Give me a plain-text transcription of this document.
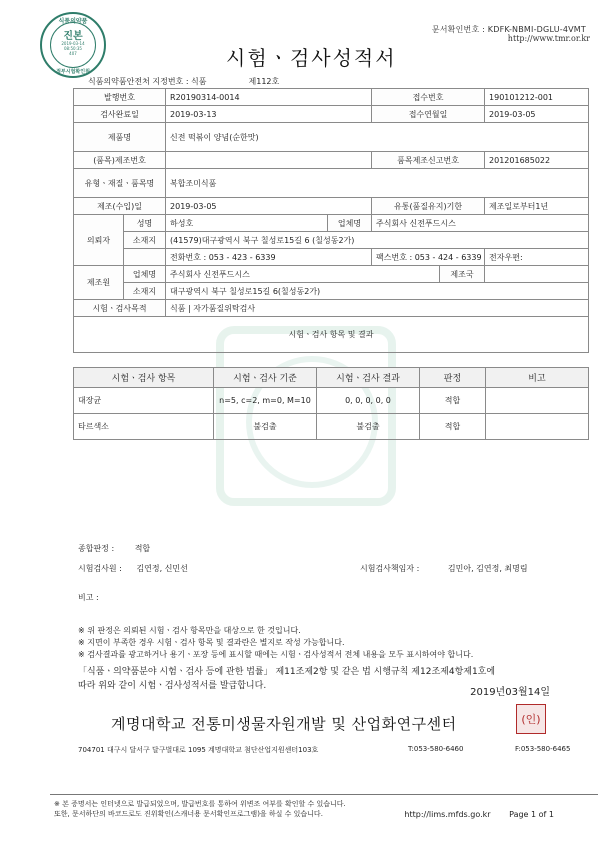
문서확인번호 : KDFK-NBMI-DGLU-4VMT
http://www.tmr.or.kr
식품의약품
진본
2019-03-14
08:50:35
407
정부시험확인원
시험ㆍ검사성적서
식품의약품안전처 지정번호 : 식품	제112호
발행번호		R20190314-0014		접수번호		190101212-001
검사완료일		2019-03-13		접수연월일		2019-03-05
제품명		신전 떡볶이 양념(순한맛)				
(품목)제조번호				품목제조신고번호		201201685022
유형ㆍ재질ㆍ품목명		복합조미식품				
제조(수입)일		2019-03-05		유통(품질유지)기한		제조일로부터1년
의뢰자	성명	하성호	업체명	주식회사 신전푸드시스		
	소재지	(41579)대구광역시 북구 칠성로15길 6 (칠성동2가)				
		전화번호 : 053 - 423 - 6339		팩스번호 : 053 - 424 - 6339		전자우편:
제조원	업체명	주식회사 신전푸드시스			제조국	
	소재지	대구광역시 북구 칠성로15길 6(칠성동2가)				
시험ㆍ검사목적		식품 | 자가품질위탁검사				
시험ㆍ검사 항목 및 결과						
시험ㆍ검사 항목	시험ㆍ검사 기준	시험ㆍ검사 결과	판정	비고
대장균	n=5, c=2, m=0, M=10	0, 0, 0, 0, 0	적합	
타르색소	불검출	불검출	적합	
종합판정 :	적합
시험검사원 : 김연정, 신민선	시험검사책임자 :	김민아, 김연정, 최명림
비고 :
※ 위 판정은 의뢰된 시험ㆍ검사 항목만을 대상으로 한 것입니다.
※ 지면이 부족한 경우 시험ㆍ검사 항목 및 결과란은 별지로 작성 가능합니다.
※ 검사결과를 광고하거나 용기ㆍ포장 등에 표시할 때에는 시험ㆍ검사성적서 전체 내용을 모두 표시하여야 합니다.
「식품ㆍ의약품분야 시험ㆍ검사 등에 관한 법률」 제11조제2항 및 같은 법 시행규칙 제12조제4항제1호에
따라 위와 같이 시험ㆍ검사성적서를 발급합니다.
2019년03월14일
계명대학교 전통미생물자원개발 및 산업화연구센터	(인)
704701 대구시 달서구 달구벌대로 1095 계명대학교 첨단산업지원센터103호	T:053-580-6460	F:053-580-6465
※ 본 증명서는 인터넷으로 발급되었으며, 발급번호를 통하여 위변조 여부를 확인할 수 있습니다.
또한, 문서하단의 바코드로도 진위확인(스캐너용 문서확인프로그램)을 하실 수 있습니다.	http://lims.mfds.go.kr Page 1 of 1
